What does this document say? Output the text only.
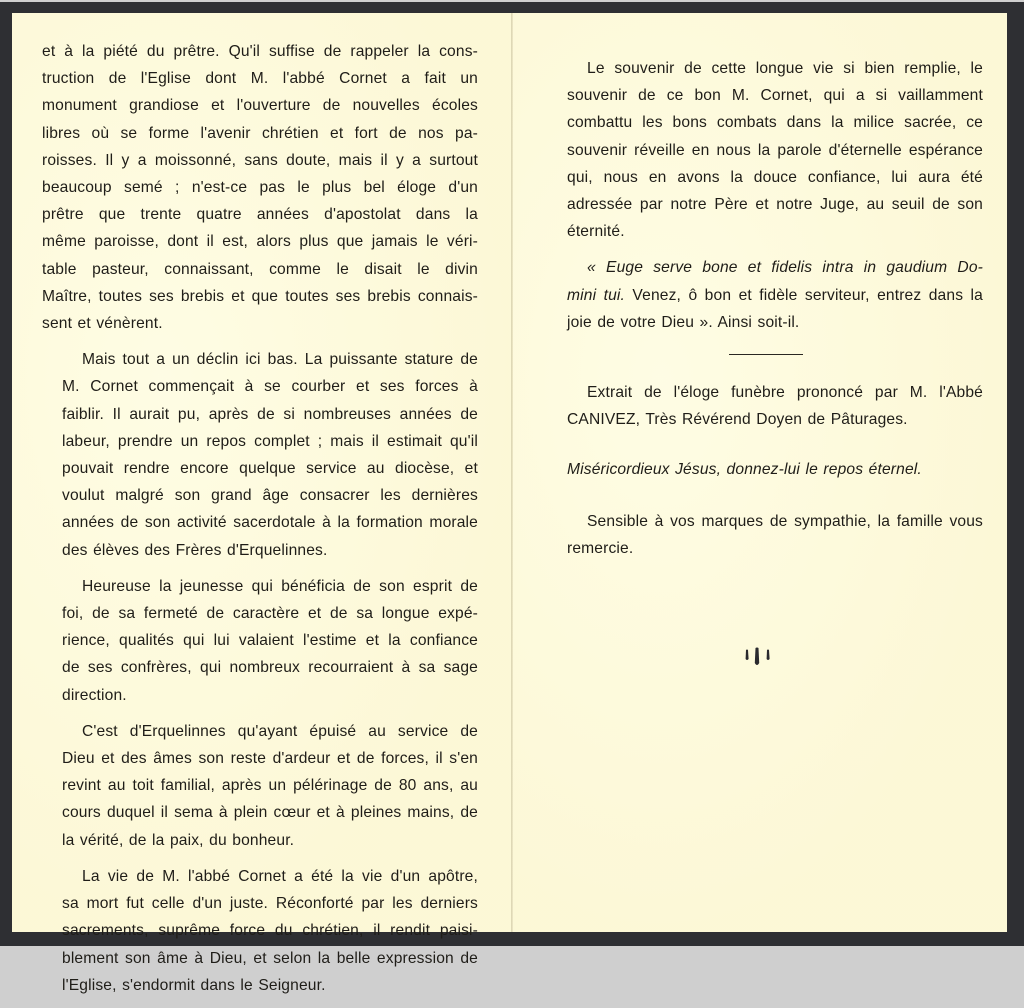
et à la piété du prêtre. Qu'il suffise de rappeler la cons-
truction de l'Eglise dont M. l'abbé Cornet a fait un
monument grandiose et l'ouverture de nouvelles écoles
libres où se forme l'avenir chrétien et fort de nos pa-
roisses. Il y a moissonné, sans doute, mais il y a surtout
beaucoup semé ; n'est-ce pas le plus bel éloge d'un
prêtre que trente quatre années d'apostolat dans la
même paroisse, dont il est, alors plus que jamais le véri-
table pasteur, connaissant, comme le disait le divin
Maître, toutes ses brebis et que toutes ses brebis connais-
sent et vénèrent.

Mais tout a un déclin ici bas. La puissante stature de
M. Cornet commençait à se courber et ses forces à
faiblir. Il aurait pu, après de si nombreuses années de
labeur, prendre un repos complet ; mais il estimait qu'il
pouvait rendre encore quelque service au diocèse, et
voulut malgré son grand âge consacrer les dernières
années de son activité sacerdotale à la formation morale
des élèves des Frères d'Erquelinnes.

Heureuse la jeunesse qui bénéficia de son esprit de
foi, de sa fermeté de caractère et de sa longue expé-
rience, qualités qui lui valaient l'estime et la confiance
de ses confrères, qui nombreux recourraient à sa sage
direction.

C'est d'Erquelinnes qu'ayant épuisé au service de
Dieu et des âmes son reste d'ardeur et de forces, il s'en
revint au toit familial, après un pélérinage de 80 ans, au
cours duquel il sema à plein cœur et à pleines mains, de
la vérité, de la paix, du bonheur.

La vie de M. l'abbé Cornet a été la vie d'un apôtre,
sa mort fut celle d'un juste. Réconforté par les derniers
sacrements, suprême force du chrétien, il rendit paisi-
blement son âme à Dieu, et selon la belle expression de
l'Eglise, s'endormit dans le Seigneur.

Le souvenir de cette longue vie si bien remplie, le
souvenir de ce bon M. Cornet, qui a si vaillamment
combattu les bons combats dans la milice sacrée, ce
souvenir réveille en nous la parole d'éternelle espérance
qui, nous en avons la douce confiance, lui aura été
adressée par notre Père et notre Juge, au seuil de son
éternité.

« Euge serve bone et fidelis intra in gaudium Do-
mini tui. Venez, ô bon et fidèle serviteur, entrez dans la
joie de votre Dieu ». Ainsi soit-il.

Extrait de l'éloge funèbre prononcé par M. l'Abbé
CANIVEZ, Très Révérend Doyen de Pâturages.

Miséricordieux Jésus, donnez-lui le repos éternel.

Sensible à vos marques de sympathie, la famille vous
remercie.
